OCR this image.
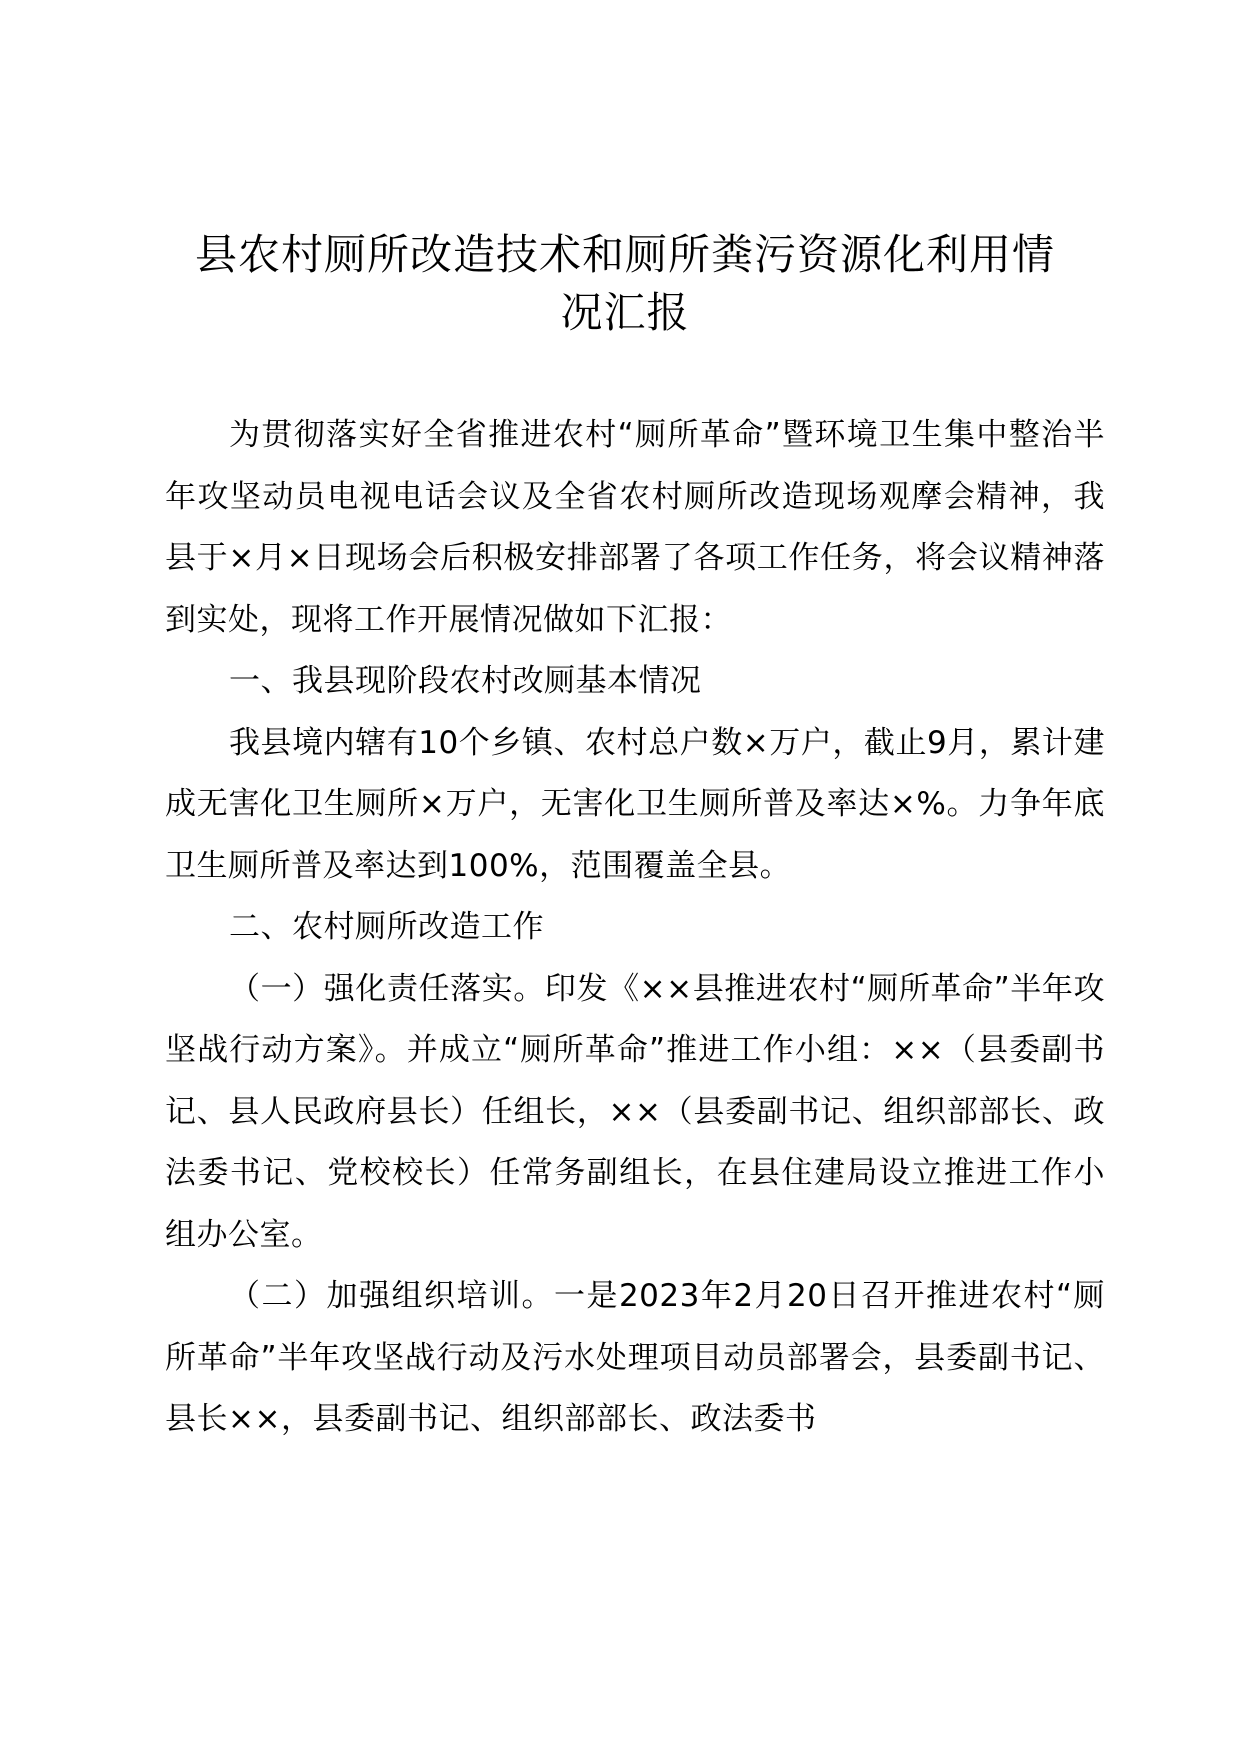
县农村厕所改造技术和厕所粪污资源化利用情
况汇报

为贯彻落实好全省推进农村“厕所革命”暨环境卫生集中整治半年攻坚动员电视电话会议及全省农村厕所改造现场观摩会精神，我县于×月×日现场会后积极安排部署了各项工作任务，将会议精神落到实处，现将工作开展情况做如下汇报：

一、我县现阶段农村改厕基本情况

我县境内辖有10个乡镇、农村总户数×万户，截止9月，累计建成无害化卫生厕所×万户，无害化卫生厕所普及率达×%。力争年底卫生厕所普及率达到100%，范围覆盖全县。

二、农村厕所改造工作

（一）强化责任落实。印发《××县推进农村“厕所革命”半年攻坚战行动方案》。并成立“厕所革命”推进工作小组：××（县委副书记、县人民政府县长）任组长，××（县委副书记、组织部部长、政法委书记、党校校长）任常务副组长，在县住建局设立推进工作小组办公室。

（二）加强组织培训。一是2023年2月20日召开推进农村“厕所革命”半年攻坚战行动及污水处理项目动员部署会，县委副书记、县长××，县委副书记、组织部部长、政法委书
